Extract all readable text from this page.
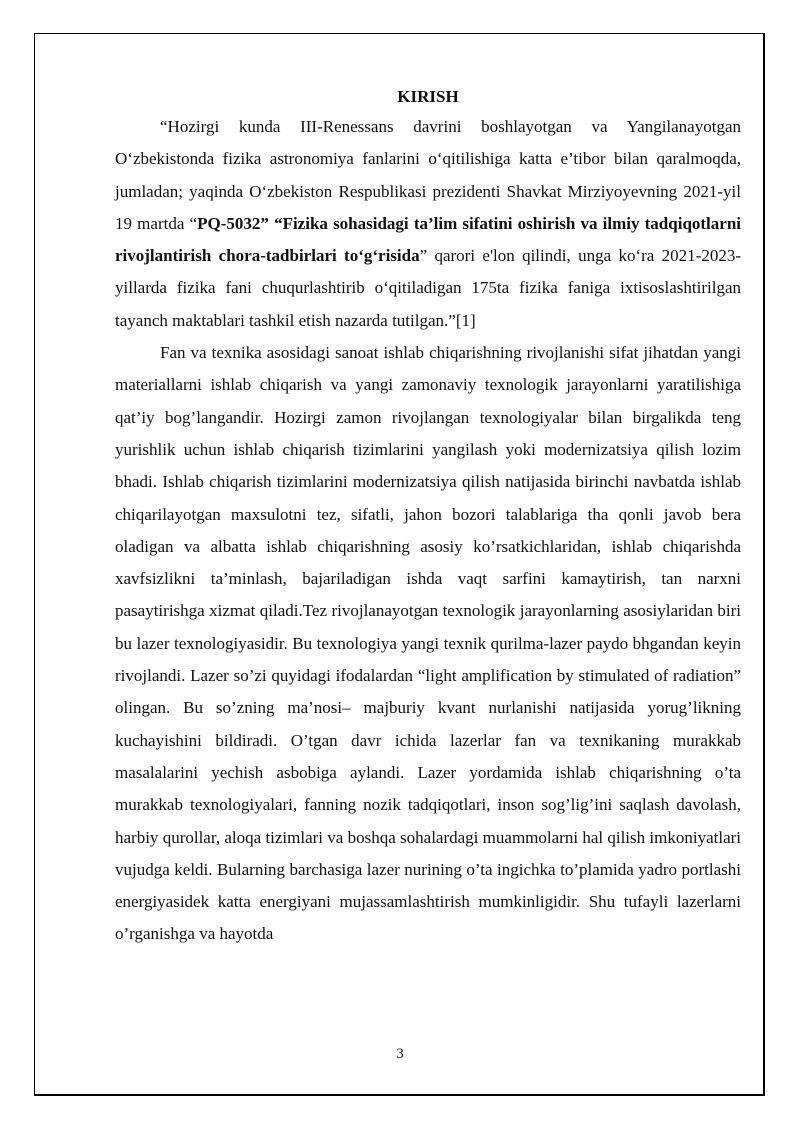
KIRISH

“Hozirgi kunda III-Renessans davrini boshlayotgan va Yangilanayotgan O‘zbekistonda fizika astronomiya fanlarini o‘qitilishiga katta e’tibor bilan qaralmoqda, jumladan; yaqinda O‘zbekiston Respublikasi prezidenti Shavkat Mirziyoyevning 2021-yil 19 martda “PQ-5032” “Fizika sohasidagi ta’lim sifatini oshirish va ilmiy tadqiqotlarni rivojlantirish chora-tadbirlari to‘g‘risida” qarori e'lon qilindi, unga ko‘ra 2021-2023-yillarda fizika fani chuqurlashtirib o‘qitiladigan 175ta fizika faniga ixtisoslashtirilgan tayanch maktablari tashkil etish nazarda tutilgan.”[1]

Fan va texnika asosidagi sanoat ishlab chiqarishning rivojlanishi sifat jihatdan yangi materiallarni ishlab chiqarish va yangi zamonaviy texnologik jarayonlarni yaratilishiga qat’iy bog’langandir. Hozirgi zamon rivojlangan texnologiyalar bilan birgalikda teng yurishlik uchun ishlab chiqarish tizimlarini yangilash yoki modernizatsiya qilish lozim bhadi. Ishlab chiqarish tizimlarini modernizatsiya qilish natijasida birinchi navbatda ishlab chiqarilayotgan maxsulotni tez, sifatli, jahon bozori talablariga tha qonli javob bera oladigan va albatta ishlab chiqarishning asosiy ko’rsatkichlaridan, ishlab chiqarishda xavfsizlikni ta’minlash, bajariladigan ishda vaqt sarfini kamaytirish, tan narxni pasaytirishga xizmat qiladi.Tez rivojlanayotgan texnologik jarayonlarning asosiylaridan biri bu lazer texnologiyasidir. Bu texnologiya yangi texnik qurilma-lazer paydo bhgandan keyin rivojlandi. Lazer so’zi quyidagi ifodalardan “light amplification by stimulated of radiation” olingan. Bu so’zning ma’nosi– majburiy kvant nurlanishi natijasida yorug’likning kuchayishini bildiradi. O’tgan davr ichida lazerlar fan va texnikaning murakkab masalalarini yechish asbobiga aylandi. Lazer yordamida ishlab chiqarishning o’ta murakkab texnologiyalari, fanning nozik tadqiqotlari, inson sog’lig’ini saqlash davolash, harbiy qurollar, aloqa tizimlari va boshqa sohalardagi muammolarni hal qilish imkoniyatlari vujudga keldi. Bularning barchasiga lazer nurining o’ta ingichka to’plamida yadro portlashi energiyasidek katta energiyani mujassamlashtirish mumkinligidir. Shu tufayli lazerlarni o’rganishga va hayotda

3
